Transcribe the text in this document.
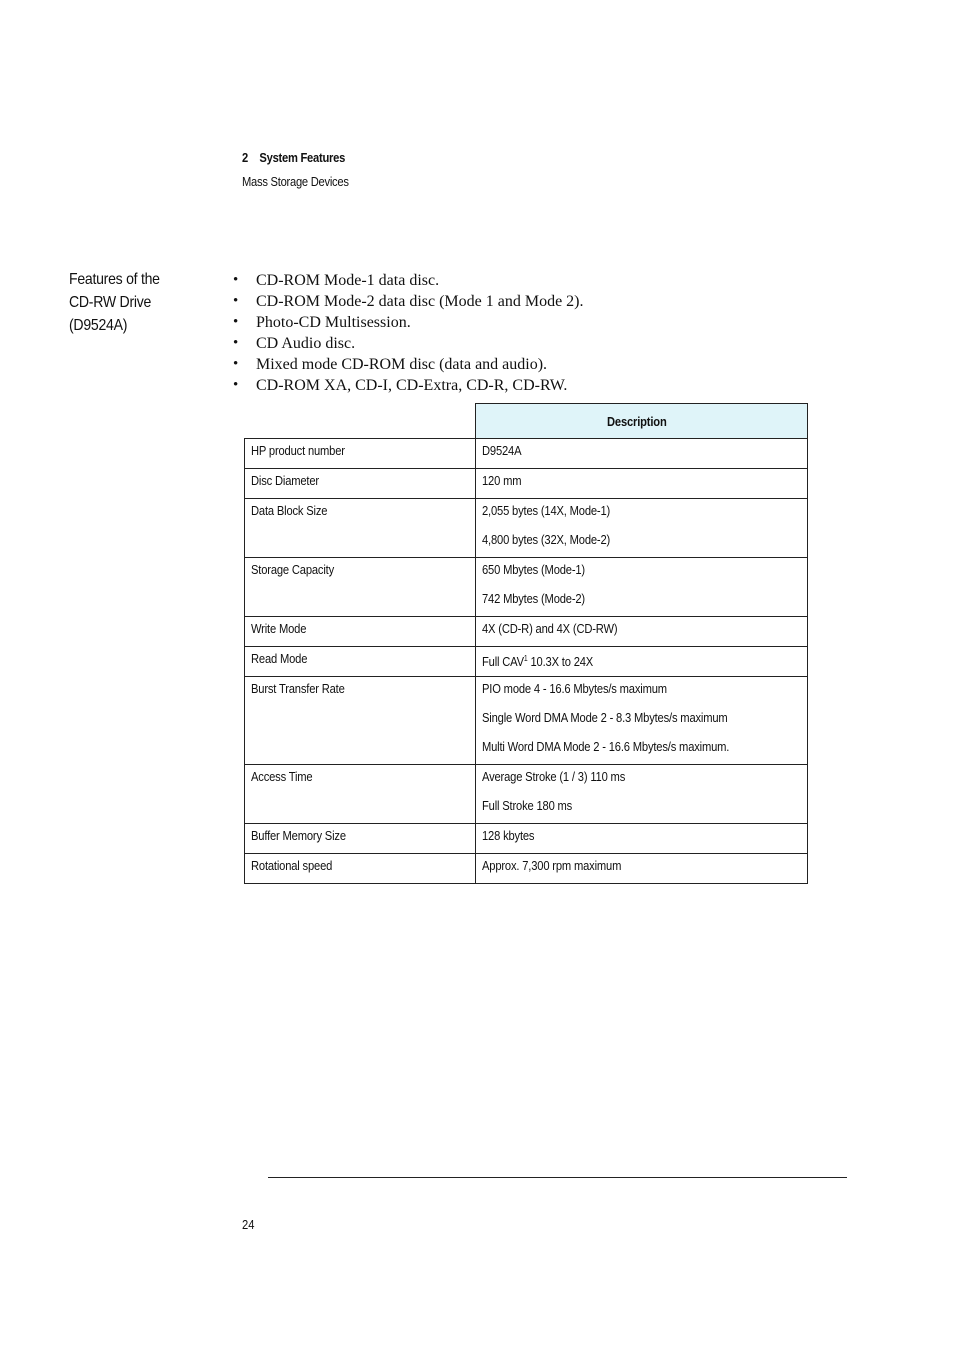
2 System Features
Mass Storage Devices
Features of the
CD-RW Drive
(D9524A)
• CD-ROM Mode-1 data disc.
• CD-ROM Mode-2 data disc (Mode 1 and Mode 2).
• Photo-CD Multisession.
• CD Audio disc.
• Mixed mode CD-ROM disc (data and audio).
• CD-ROM XA, CD-I, CD-Extra, CD-R, CD-RW.
	Description

HP product number	D9524A

Disc Diameter	120 mm

Data Block Size	2,055 bytes (14X, Mode-1)
4,800 bytes (32X, Mode-2)

Storage Capacity	650 Mbytes (Mode-1)
742 Mbytes (Mode-2)

Write Mode	4X (CD-R) and 4X (CD-RW)

Read Mode	Full CAV$^1$ 10.3X to 24X

Burst Transfer Rate	PIO mode 4 - 16.6 Mbytes/s maximum
Single Word DMA Mode 2 - 8.3 Mbytes/s maximum
Multi Word DMA Mode 2 - 16.6 Mbytes/s maximum.

Access Time	Average Stroke (1 / 3) 110 ms
Full Stroke 180 ms

Buffer Memory Size	128 kbytes

Rotational speed	Approx. 7,300 rpm maximum
24
